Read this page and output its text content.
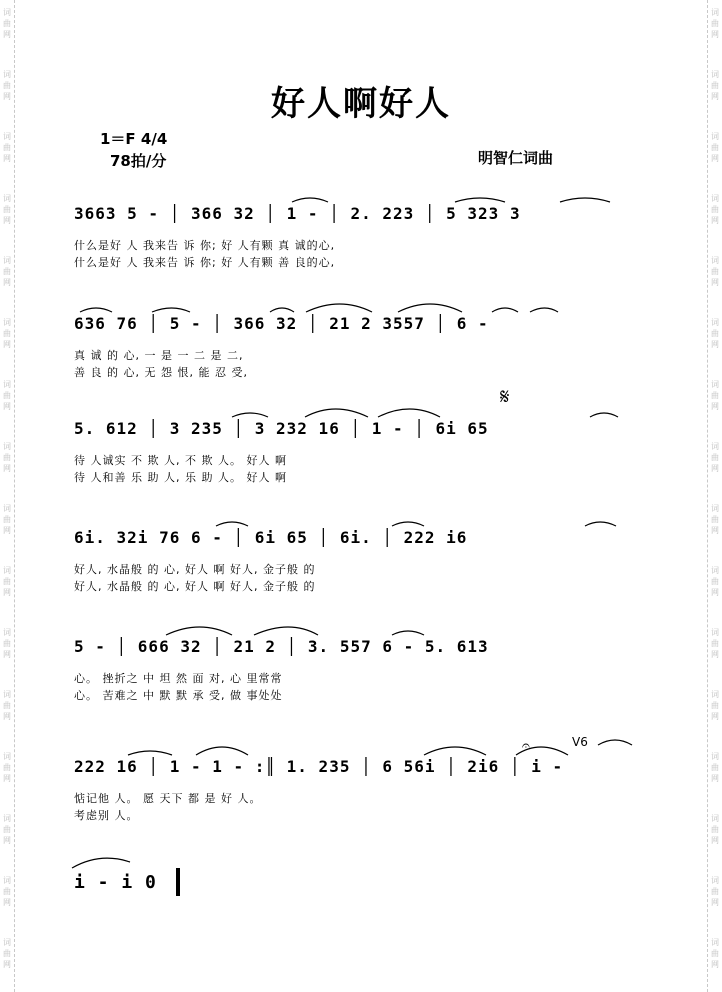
词
曲
网
词
曲
网
词
曲
网
词
曲
网
词
曲
网
词
曲
网
词
曲
网
词
曲
网
词
曲
网
词
曲
网
词
曲
网
词
曲
网
词
曲
网
词
曲
网
词
曲
网
词
曲
网
词
曲
网
词
曲
网
词
曲
网
词
曲
网
词
曲
网
词
曲
网
词
曲
网
词
曲
网
词
曲
网
词
曲
网
词
曲
网
词
曲
网
词
曲
网
词
曲
网
词
曲
网
词
曲
网
好人啊好人
1＝F 4/4
78拍/分	明智仁词曲
3663 5 - │ 366 32 │ 1 - │ 2. 223 │ 5 323 3
什么是好 人 我来告 诉 你; 好 人有颗 真 诚的心,
什么是好 人 我来告 诉 你; 好 人有颗 善 良的心,
636 76 │ 5 - │ 366 32 │ 21 2 3557 │ 6 -
真 诚 的 心, 一 是 一 二 是 二,
善 良 的 心, 无 怨 恨, 能 忍 受,
5. 612 │ 3 235 │ 3 232 16 │ 1 - │ 6i 65
待 人诚实 不 欺 人, 不 欺 人。 好人 啊
待 人和善 乐 助 人, 乐 助 人。 好人 啊
6i. 32i 76 6 - │ 6i 65 │ 6i. │ 222 i6
好人, 水晶般 的 心, 好人 啊 好人, 金子般 的
好人, 水晶般 的 心, 好人 啊 好人, 金子般 的
5 - │ 666 32 │ 21 2 │ 3. 557 6 - 5. 613
心。 挫折之 中 坦 然 面 对, 心 里常常
心。 苦难之 中 默 默 承 受, 做 事处处
222 16 │ 1 - 1 - :║ 1. 235 │ 6 56i │ 2i6 │ i -
惦记他 人。 愿 天下 都 是 好 人。
考虑别 人。
i - i 0
𝄋
𝄐	V6
